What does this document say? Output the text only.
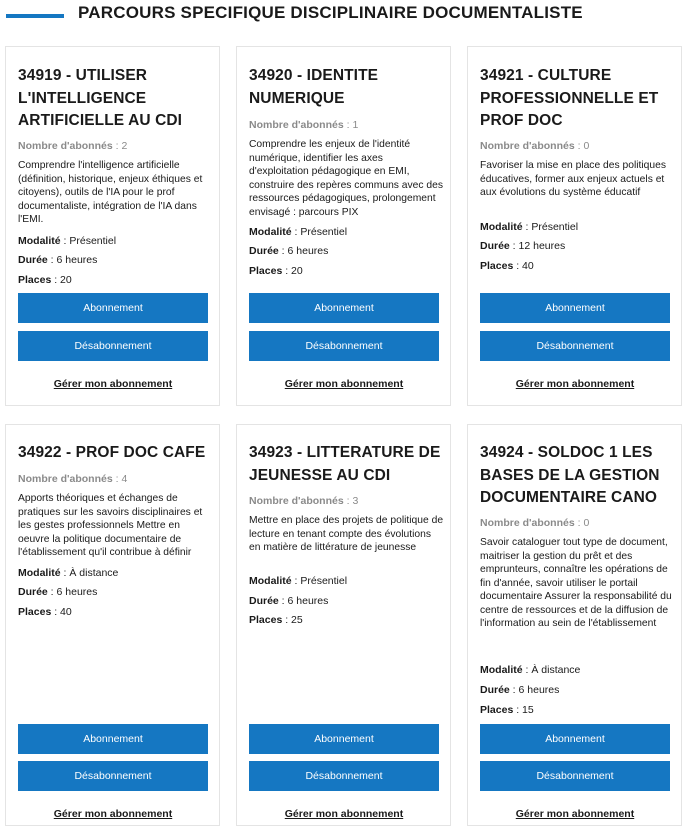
PARCOURS SPECIFIQUE DISCIPLINAIRE DOCUMENTALISTE
34919 - UTILISER L'INTELLIGENCE ARTIFICIELLE AU CDI
Nombre d'abonnés : 2

Comprendre l'intelligence artificielle (définition, historique, enjeux éthiques et citoyens), outils de l'IA pour le prof documentaliste, intégration de l'IA dans l'EMI.

Modalité : Présentiel
Durée : 6 heures
Places : 20
Abonnement
Désabonnement
Gérer mon abonnement
34920 - IDENTITE NUMERIQUE
Nombre d'abonnés : 1

Comprendre les enjeux de l'identité numérique, identifier les axes d'exploitation pédagogique en EMI, construire des repères communs avec des ressources pédagogiques, prolongement envisagé : parcours PIX

Modalité : Présentiel
Durée : 6 heures
Places : 20
Abonnement
Désabonnement
Gérer mon abonnement
34921 - CULTURE PROFESSIONNELLE ET PROF DOC
Nombre d'abonnés : 0

Favoriser la mise en place des politiques éducatives, former aux enjeux actuels et aux évolutions du système éducatif

Modalité : Présentiel
Durée : 12 heures
Places : 40
Abonnement
Désabonnement
Gérer mon abonnement
34922 - PROF DOC CAFE
Nombre d'abonnés : 4

Apports théoriques et échanges de pratiques sur les savoirs disciplinaires et les gestes professionnels Mettre en oeuvre la politique documentaire de l'établissement qu'il contribue à définir

Modalité : À distance
Durée : 6 heures
Places : 40
Abonnement
Désabonnement
Gérer mon abonnement
34923 - LITTERATURE DE JEUNESSE AU CDI
Nombre d'abonnés : 3

Mettre en place des projets de politique de lecture en tenant compte des évolutions en matière de littérature de jeunesse

Modalité : Présentiel
Durée : 6 heures
Places : 25
Abonnement
Désabonnement
Gérer mon abonnement
34924 - SOLDOC 1 LES BASES DE LA GESTION DOCUMENTAIRE CANO
Nombre d'abonnés : 0

Savoir cataloguer tout type de document, maitriser la gestion du prêt et des emprunteurs, connaître les opérations de fin d'année, savoir utiliser le portail documentaire Assurer la responsabilité du centre de ressources et de la diffusion de l'information au sein de l'établissement

Modalité : À distance
Durée : 6 heures
Places : 15
Abonnement
Désabonnement
Gérer mon abonnement
